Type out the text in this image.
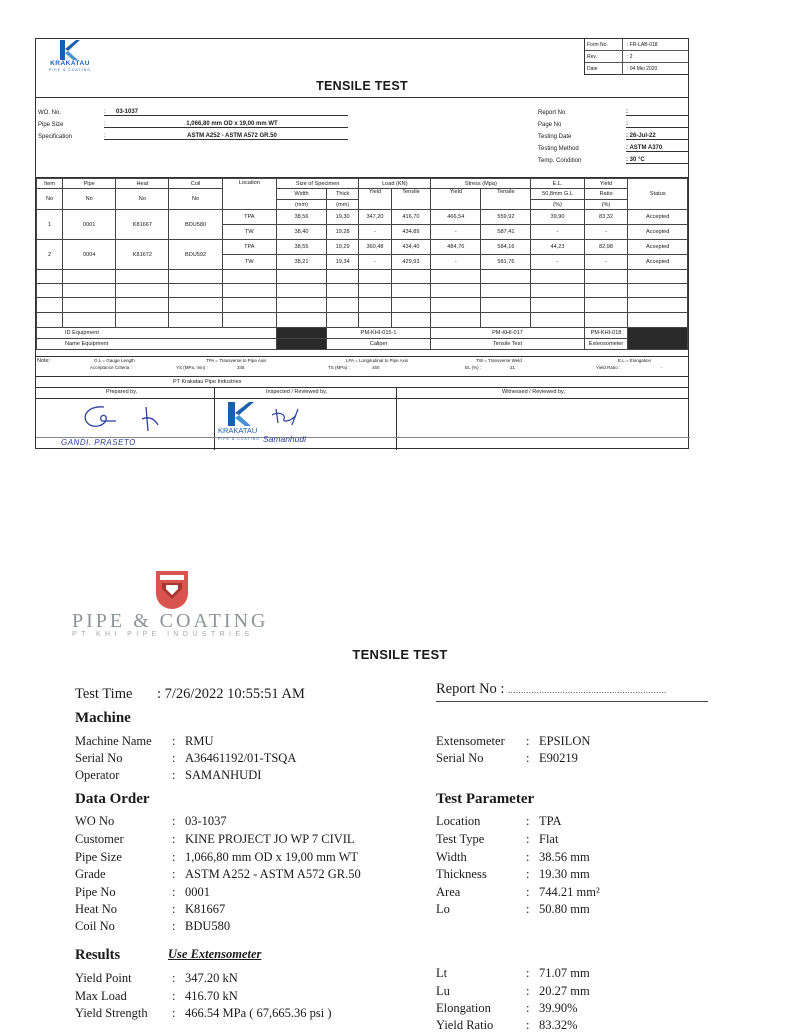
KRAKATAU
PIPE & COATING
Form No.	: FR-LAB-018
Rev.	: 2
Date	: 04 Mei 2020
TENSILE TEST
WO. No.	:	03-1037
Pipe Size	:	1,066,80 mm OD x 19,00 mm WT
Specification	:	ASTM A252 - ASTM A572 GR.50
Report No	:
Page No	:
Testing Date	: 26-Jul-22
Testing Method	: ASTM A370
Temp. Condition	: 30 °C
Item	Pipe	Heat	Coil	Location	Size of Specimen		Load (KN)		Stress (Mpa)		E.L.	Yield	Status
No	No	No	No		Width	Thick	Yield	Tensile	Yield	Tensile	50,8mm G.L	Ratio	
					(mm)	(mm)					(%)	(%)	
1	0001	K81667	BDU580	TPA	38,56	19,30	347,20	416,70	466,54	559,92	39,90	83,32	Accepted
				TW	38,40	19,28	-	434,89	-	587,41	-	-	Accepted
2	0004	K81672	BDU592	TPA	38,55	19,29	360,48	434,40	484,76	584,16	44,23	82,98	Accepted
				TW	38,21	19,34	-	429,93	-	581,76	-	-	Accepted

ID Equipment						PM-KHI-015-1			PM-KHI-017			PM-KHI-018	
Name Equipment						Caliper			Tensile Test			Extensometer	
Note:	G.L = Gauge Length	TPA = Transverse to Pipe Axis	LPA = Longitudinal to Pipe Axis	TW = Transverse Weld	E.L = Elongation
Acceptance Criteria :	YS (MPa, min) :	345	TS (MPa) :	450	EL (%) :	21	Yield Ratio :	-
PT Krakatau Pipe Industries
Prepared by,	Inspected / Reviewed by,	Witnessed / Reviewed by,
GANDI. PRASETO
KRAKATAU
PIPE & COATING Samanhudi
PIPE & COATING
PT KHI PIPE INDUSTRIES
TENSILE TEST
Test Time : 7/26/2022 10:55:51 AM	Report No : .............................................................
Machine
Machine Name : RMU
Serial No	: A36461192/01-TSQA
Operator	: SAMANHUDI
Extensometer : EPSILON
Serial No	: E90219
Data Order	Test Parameter
WO No	: 03-1037
Customer	: KINE PROJECT JO WP 7 CIVIL
Pipe Size	: 1,066,80 mm OD x 19,00 mm WT
Grade	: ASTM A252 - ASTM A572 GR.50
Pipe No	: 0001
Heat No	: K81667
Coil No	: BDU580
Location	: TPA
Test Type	: Flat
Width	: 38.56 mm
Thickness	: 19.30 mm
Area	: 744.21 mm²
Lo	: 50.80 mm
Results	Use Extensometer
Yield Point	: 347.20 kN
Max Load	: 416.70 kN
Yield Strength : 466.54 MPa ( 67,665.36 psi )
Lt	: 71.07 mm
Lu	: 20.27 mm
Elongation	: 39.90%
Yield Ratio	: 83.32%
